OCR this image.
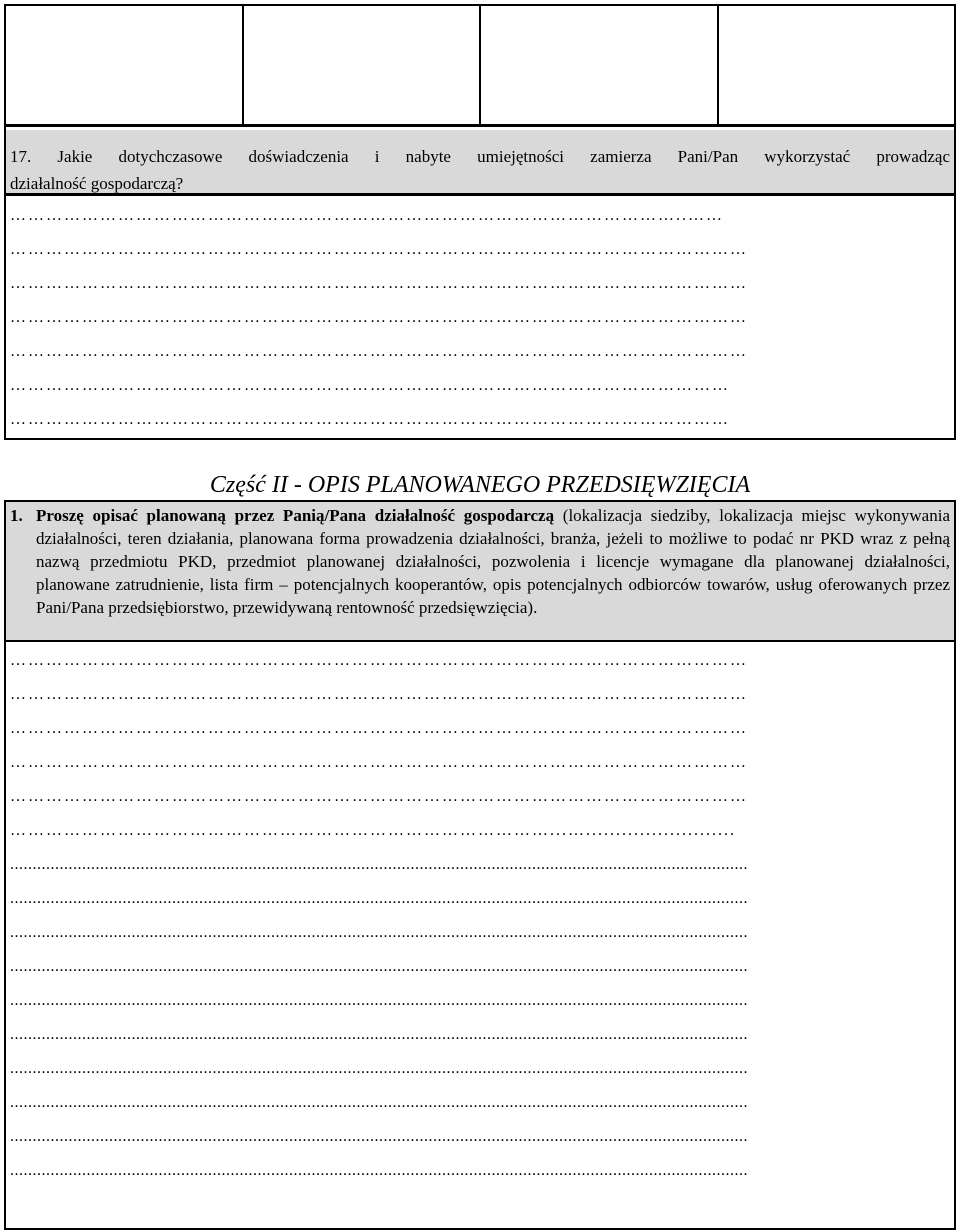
17. Jakie dotychczasowe doświadczenia i nabyte umiejętności zamierza Pani/Pan wykorzystać prowadząc
działalność gospodarczą?
…………………………………………………………………………………………………..……
……………………………………………………………………………………………………………
……………………………………………………………………………………………………………
……………………………………………………………………………………………………………
……………………………………………………………………………………………………………
…………………………………………………………………………………………………………
…………………………………………………………………………………………………………
Część II - OPIS PLANOWANEGO PRZEDSIĘWZIĘCIA
1. Proszę opisać planowaną przez Panią/Pana działalność gospodarczą (lokalizacja siedziby, lokalizacja miejsc wykonywania działalności, teren działania, planowana forma prowadzenia działalności, branża, jeżeli to możliwe to podać nr PKD wraz z pełną nazwą przedmiotu PKD, przedmiot planowanej działalności, pozwolenia i licencje wymagane dla planowanej działalności, planowane zatrudnienie, lista firm – potencjalnych kooperantów, opis potencjalnych odbiorców towarów, usług oferowanych przez Pani/Pana przedsiębiorstwo, przewidywaną rentowność przedsięwzięcia).
……………………………………………………………………………………………………………
……………………………………………………………………………………………………………
……………………………………………………………………………………………………………
……………………………………………………………………………………………………………
……………………………………………………………………………………………………………
………………………………………………………………………………...….........................
....................................................................................................................................................................
....................................................................................................................................................................
....................................................................................................................................................................
....................................................................................................................................................................
....................................................................................................................................................................
....................................................................................................................................................................
....................................................................................................................................................................
....................................................................................................................................................................
....................................................................................................................................................................
....................................................................................................................................................................
